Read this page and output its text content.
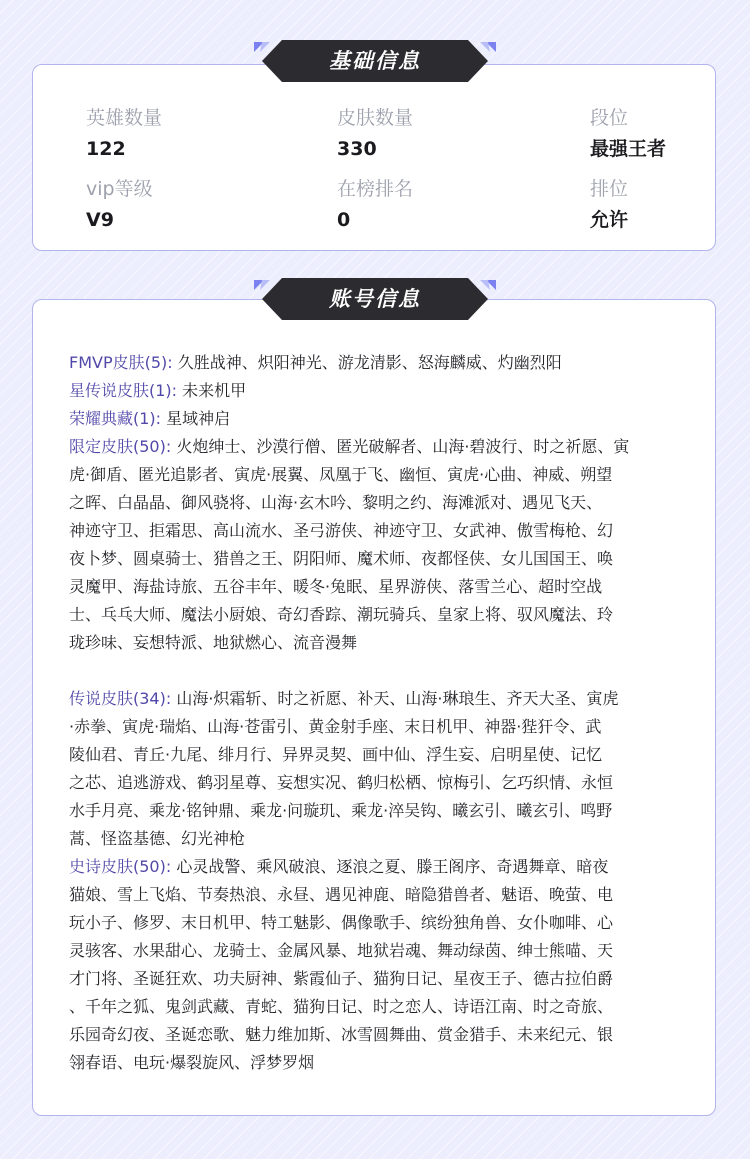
英雄数量
122
皮肤数量
330
段位
最强王者
vip等级
V9
在榜排名
0
排位
允许
基础信息

FMVP皮肤(5): 久胜战神、炽阳神光、游龙清影、怒海麟威、灼幽烈阳

星传说皮肤(1): 未来机甲

荣耀典藏(1): 星域神启

限定皮肤(50): 火炮绅士、沙漠行僧、匿光破解者、山海·碧波行、时之祈愿、寅
虎·御盾、匿光追影者、寅虎·展翼、凤凰于飞、幽恒、寅虎·心曲、神威、朔望
之晖、白晶晶、御风骁将、山海·玄木吟、黎明之约、海滩派对、遇见飞天、
神迹守卫、拒霜思、高山流水、圣弓游侠、神迹守卫、女武神、傲雪梅枪、幻
夜卜梦、圆桌骑士、猎兽之王、阴阳师、魔术师、夜都怪侠、女儿国国王、唤
灵魔甲、海盐诗旅、五谷丰年、暖冬·兔眠、星界游侠、落雪兰心、超时空战
士、乓乓大师、魔法小厨娘、奇幻香踪、潮玩骑兵、皇家上将、驭风魔法、玲
珑珍味、妄想特派、地狱燃心、流音漫舞

传说皮肤(34): 山海·炽霜斩、时之祈愿、补天、山海·琳琅生、齐天大圣、寅虎
·赤拳、寅虎·瑞焰、山海·苍雷引、黄金射手座、末日机甲、神器·狴犴令、武
陵仙君、青丘·九尾、绯月行、异界灵契、画中仙、浮生妄、启明星使、记忆
之芯、追逃游戏、鹤羽星尊、妄想实况、鹤归松栖、惊梅引、乞巧织情、永恒
水手月亮、乘龙·铭钟鼎、乘龙·问璇玑、乘龙·淬吴钩、曦玄引、曦玄引、鸣野
蒿、怪盗基德、幻光神枪

史诗皮肤(50): 心灵战警、乘风破浪、逐浪之夏、滕王阁序、奇遇舞章、暗夜
猫娘、雪上飞焰、节奏热浪、永昼、遇见神鹿、暗隐猎兽者、魅语、晚萤、电
玩小子、修罗、末日机甲、特工魅影、偶像歌手、缤纷独角兽、女仆咖啡、心
灵骇客、水果甜心、龙骑士、金属风暴、地狱岩魂、舞动绿茵、绅士熊喵、天
才门将、圣诞狂欢、功夫厨神、紫霞仙子、猫狗日记、星夜王子、德古拉伯爵
、千年之狐、鬼剑武藏、青蛇、猫狗日记、时之恋人、诗语江南、时之奇旅、
乐园奇幻夜、圣诞恋歌、魅力维加斯、冰雪圆舞曲、赏金猎手、未来纪元、银
翎春语、电玩·爆裂旋风、浮梦罗烟

账号信息
